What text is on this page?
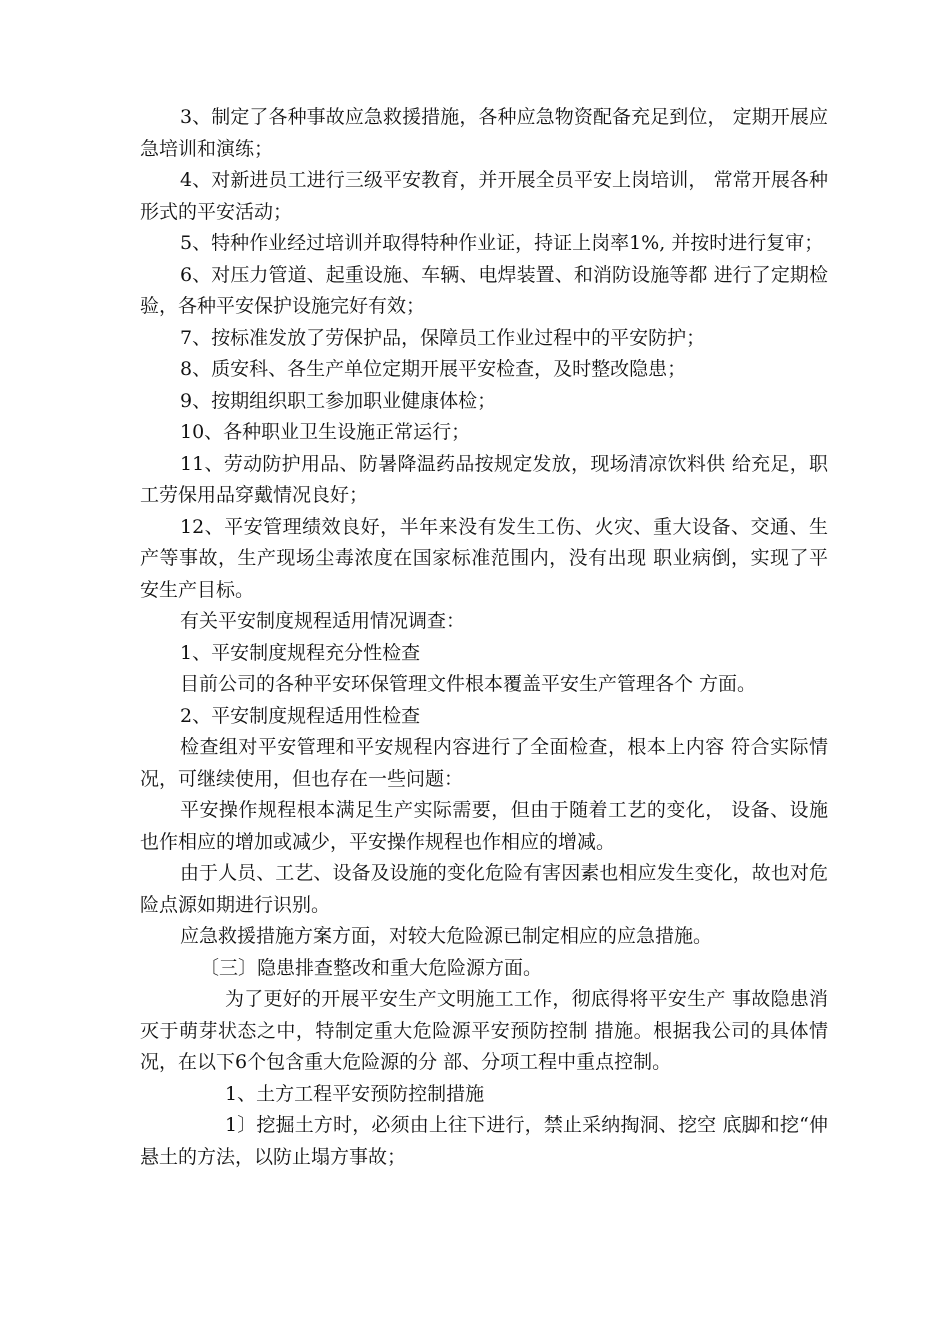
3、制定了各种事故应急救援措施，各种应急物资配备充足到位， 定期开展应急培训和演练；

4、对新进员工进行三级平安教育，并开展全员平安上岗培训， 常常开展各种形式的平安活动；

5、特种作业经过培训并取得特种作业证，持证上岗率1%, 并按时进行复审；

6、对压力管道、起重设施、车辆、电焊装置、和消防设施等都 进行了定期检验，各种平安保护设施完好有效；

7、按标准发放了劳保护品，保障员工作业过程中的平安防护；

8、质安科、各生产单位定期开展平安检查，及时整改隐患；

9、按期组织职工参加职业健康体检；

10、各种职业卫生设施正常运行；

11、劳动防护用品、防暑降温药品按规定发放，现场清凉饮料供 给充足，职工劳保用品穿戴情况良好；

12、平安管理绩效良好，半年来没有发生工伤、火灾、重大设备、交通、生产等事故，生产现场尘毒浓度在国家标准范围内，没有出现 职业病倒，实现了平安生产目标。

有关平安制度规程适用情况调查：

1、平安制度规程充分性检查

目前公司的各种平安环保管理文件根本覆盖平安生产管理各个 方面。

2、平安制度规程适用性检查

检查组对平安管理和平安规程内容进行了全面检查，根本上内容 符合实际情况，可继续使用，但也存在一些问题：

平安操作规程根本满足生产实际需要，但由于随着工艺的变化， 设备、设施也作相应的增加或减少，平安操作规程也作相应的增减。

由于人员、工艺、设备及设施的变化危险有害因素也相应发生变化，故也对危险点源如期进行识别。

应急救援措施方案方面，对较大危险源已制定相应的应急措施。

〔三〕隐患排查整改和重大危险源方面。

为了更好的开展平安生产文明施工工作，彻底得将平安生产 事故隐患消灭于萌芽状态之中，特制定重大危险源平安预防控制 措施。根据我公司的具体情况，在以下6个包含重大危险源的分 部、分项工程中重点控制。

1、土方工程平安预防控制措施

1〕挖掘土方时，必须由上往下进行，禁止采纳掏洞、挖空 底脚和挖“伸悬土的方法，以防止塌方事故；
